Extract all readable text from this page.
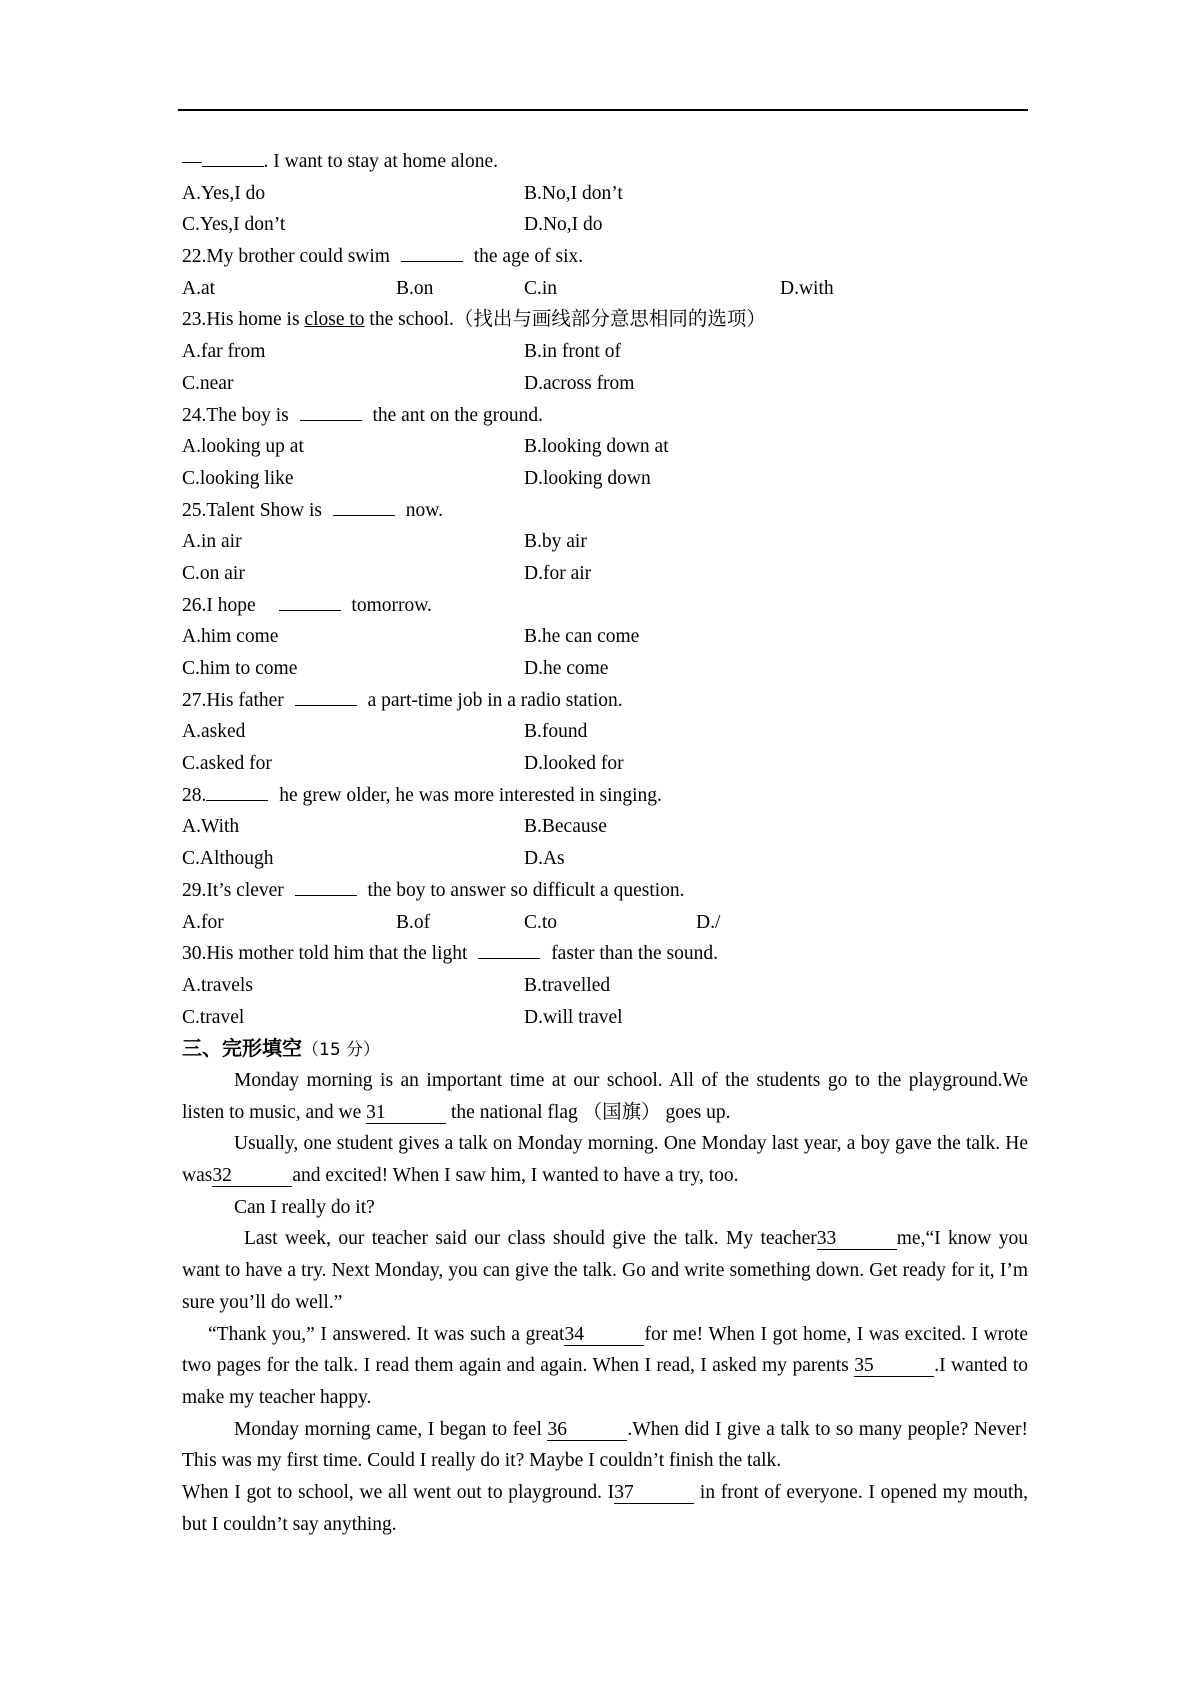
—	. I want to stay at home alone.
A.Yes,I do	B.No,I don’t
C.Yes,I don’t	D.No,I do
22.My brother could swim	the age of six.
A.at	B.on	C.in	D.with
23.His home is close to the school.（找出与画线部分意思相同的选项）
A.far from	B.in front of
C.near	D.across from
24.The boy is	the ant on the ground.
A.looking up at	B.looking down at
C.looking like	D.looking down
25.Talent Show is	now.
A.in air	B.by air
C.on air	D.for air
26.I hope	tomorrow.
A.him come	B.he can come
C.him to come	D.he come
27.His father	a part-time job in a radio station.
A.asked	B.found
C.asked for	D.looked for
28.	he grew older, he was more interested in singing.
A.With	B.Because
C.Although	D.As
29.It’s clever	the boy to answer so difficult a question.
A.for	B.of	C.to	D./
30.His mother told him that the light	faster than the sound.
A.travels	B.travelled
C.travel	D.will travel
三、完形填空（15 分）
Monday morning is an important time at our school. All of the students go to the playground.We listen to music, and we 31	the national flag （国旗） goes up.
Usually, one student gives a talk on Monday morning. One Monday last year, a boy gave the talk. He was32	and excited! When I saw him, I wanted to have a try, too.
Can I really do it?
Last week, our teacher said our class should give the talk. My teacher33	me,“I know you want to have a try. Next Monday, you can give the talk. Go and write something down. Get ready for it, I’m sure you’ll do well.”
“Thank you,” I answered. It was such a great34	for me! When I got home, I was excited. I wrote two pages for the talk. I read them again and again. When I read, I asked my parents 35	.I wanted to make my teacher happy.
Monday morning came, I began to feel 36	.When did I give a talk to so many people? Never! This was my first time. Could I really do it? Maybe I couldn’t finish the talk.
When I got to school, we all went out to playground. I37	in front of everyone. I opened my mouth, but I couldn’t say anything.
